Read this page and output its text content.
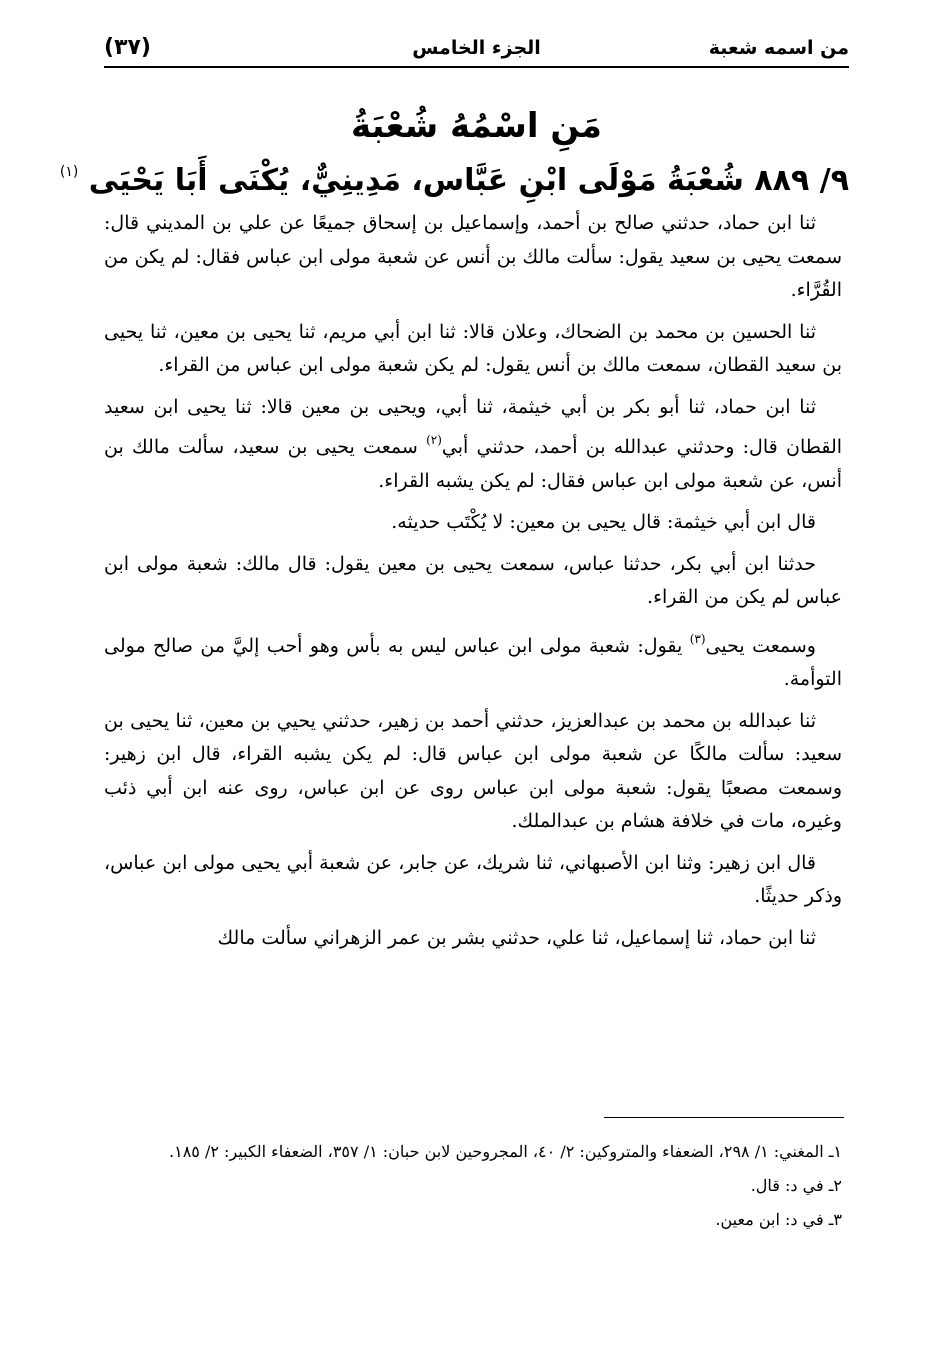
من اسمه شعبة
الجزء الخامس
(٣٧)
مَنِ اسْمُهُ شُعْبَةُ
٩/ ٨٨٩ شُعْبَةُ مَوْلَى ابْنِ عَبَّاس، مَدِينِيٌّ، يُكْنَى أَبَا يَحْيَى $^{(١)}$

ثنا ابن حماد، حدثني صالح بن أحمد، وإسماعيل بن إسحاق جميعًا عن علي بن المديني قال: سمعت يحيى بن سعيد يقول: سألت مالك بن أنس عن شعبة مولى ابن عباس فقال: لم يكن من القُرَّاء.

ثنا الحسين بن محمد بن الضحاك، وعلان قالا: ثنا ابن أبي مريم، ثنا يحيى بن معين، ثنا يحيى بن سعيد القطان، سمعت مالك بن أنس يقول: لم يكن شعبة مولى ابن عباس من القراء.

ثنا ابن حماد، ثنا أبو بكر بن أبي خيثمة، ثنا أبي، ويحيى بن معين قالا: ثنا يحيى ابن سعيد القطان قال: وحدثني عبدالله بن أحمد، حدثني أبي$^{(٢)}$ سمعت يحيى بن سعيد، سألت مالك بن أنس، عن شعبة مولى ابن عباس فقال: لم يكن يشبه القراء.

قال ابن أبي خيثمة: قال يحيى بن معين: لا يُكْتَب حديثه.

حدثنا ابن أبي بكر، حدثنا عباس، سمعت يحيى بن معين يقول: قال مالك: شعبة مولى ابن عباس لم يكن من القراء.

وسمعت يحيى$^{(٣)}$ يقول: شعبة مولى ابن عباس ليس به بأس وهو أحب إليَّ من صالح مولى التوأمة.

ثنا عبدالله بن محمد بن عبدالعزيز، حدثني أحمد بن زهير، حدثني يحيي بن معين، ثنا يحيى بن سعيد: سألت مالكًا عن شعبة مولى ابن عباس قال: لم يكن يشبه القراء، قال ابن زهير: وسمعت مصعبًا يقول: شعبة مولى ابن عباس روى عن ابن عباس، روى عنه ابن أبي ذئب وغيره، مات في خلافة هشام بن عبدالملك.

قال ابن زهير: وثنا ابن الأصبهاني، ثنا شريك، عن جابر، عن شعبة أبي يحيى مولى ابن عباس، وذكر حديثًا.

ثنا ابن حماد، ثنا إسماعيل، ثنا علي، حدثني بشر بن عمر الزهراني سألت مالك

١ـ المغني: ١/ ٢٩٨، الضعفاء والمتروكين: ٢/ ٤٠، المجروحين لابن حبان: ١/ ٣٥٧، الضعفاء الكبير: ٢/ ١٨٥.

٢ـ في د: قال.

٣ـ في د: ابن معين.
